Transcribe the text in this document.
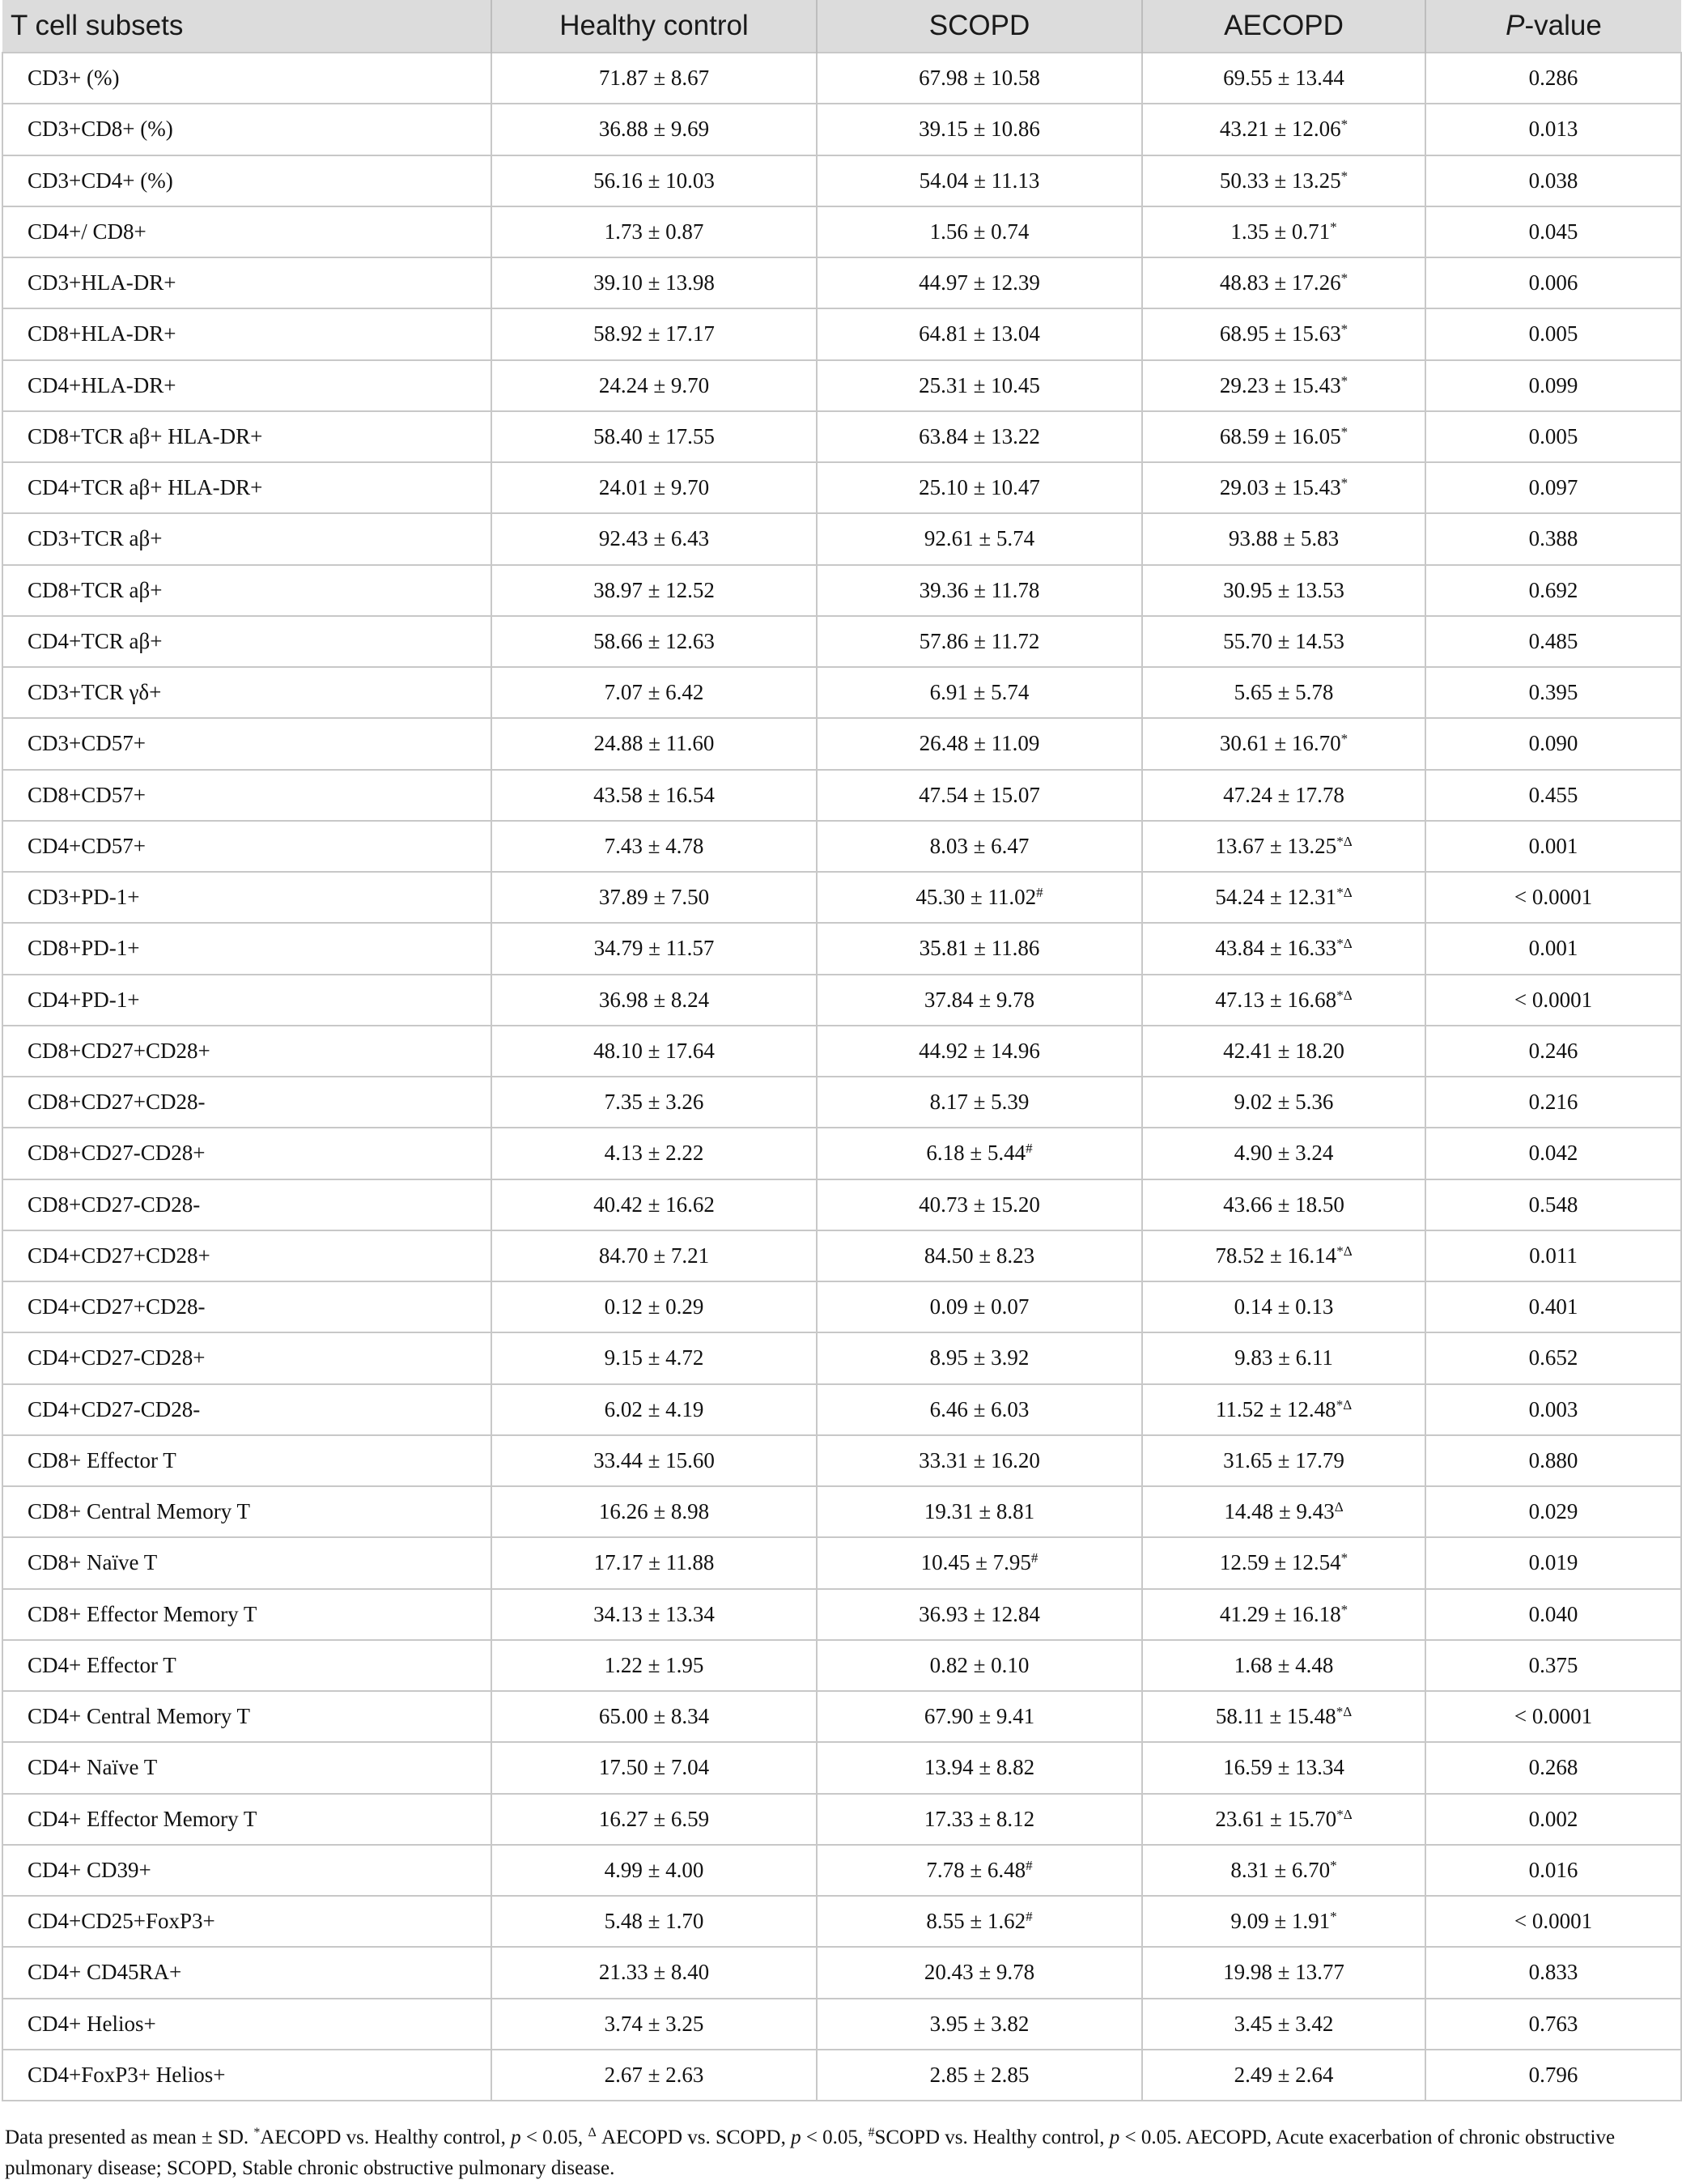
T cell subsets	Healthy control	SCOPD	AECOPD	P-value
CD3+ (%)	71.87 ± 8.67	67.98 ± 10.58	69.55 ± 13.44	0.286
CD3+CD8+ (%)	36.88 ± 9.69	39.15 ± 10.86	43.21 ± 12.06*	0.013
CD3+CD4+ (%)	56.16 ± 10.03	54.04 ± 11.13	50.33 ± 13.25*	0.038
CD4+/ CD8+	1.73 ± 0.87	1.56 ± 0.74	1.35 ± 0.71*	0.045
CD3+HLA-DR+	39.10 ± 13.98	44.97 ± 12.39	48.83 ± 17.26*	0.006
CD8+HLA-DR+	58.92 ± 17.17	64.81 ± 13.04	68.95 ± 15.63*	0.005
CD4+HLA-DR+	24.24 ± 9.70	25.31 ± 10.45	29.23 ± 15.43*	0.099
CD8+TCR aβ+ HLA-DR+	58.40 ± 17.55	63.84 ± 13.22	68.59 ± 16.05*	0.005
CD4+TCR aβ+ HLA-DR+	24.01 ± 9.70	25.10 ± 10.47	29.03 ± 15.43*	0.097
CD3+TCR aβ+	92.43 ± 6.43	92.61 ± 5.74	93.88 ± 5.83	0.388
CD8+TCR aβ+	38.97 ± 12.52	39.36 ± 11.78	30.95 ± 13.53	0.692
CD4+TCR aβ+	58.66 ± 12.63	57.86 ± 11.72	55.70 ± 14.53	0.485
CD3+TCR γδ+	7.07 ± 6.42	6.91 ± 5.74	5.65 ± 5.78	0.395
CD3+CD57+	24.88 ± 11.60	26.48 ± 11.09	30.61 ± 16.70*	0.090
CD8+CD57+	43.58 ± 16.54	47.54 ± 15.07	47.24 ± 17.78	0.455
CD4+CD57+	7.43 ± 4.78	8.03 ± 6.47	$13.67 \pm 13.25^{*\Delta}$	0.001
CD3+PD-1+	37.89 ± 7.50	45.30 ± 11.02#	$54.24 \pm 12.31^{*\Delta}$	< 0.0001
CD8+PD-1+	34.79 ± 11.57	35.81 ± 11.86	$43.84 \pm 16.33^{*\Delta}$	0.001
CD4+PD-1+	36.98 ± 8.24	37.84 ± 9.78	$47.13 \pm 16.68^{*\Delta}$	< 0.0001
CD8+CD27+CD28+	48.10 ± 17.64	44.92 ± 14.96	42.41 ± 18.20	0.246
CD8+CD27+CD28-	7.35 ± 3.26	8.17 ± 5.39	9.02 ± 5.36	0.216
CD8+CD27-CD28+	4.13 ± 2.22	6.18 ± 5.44#	4.90 ± 3.24	0.042
CD8+CD27-CD28-	40.42 ± 16.62	40.73 ± 15.20	43.66 ± 18.50	0.548
CD4+CD27+CD28+	84.70 ± 7.21	84.50 ± 8.23	$78.52 \pm 16.14^{*\Delta}$	0.011
CD4+CD27+CD28-	0.12 ± 0.29	0.09 ± 0.07	0.14 ± 0.13	0.401
CD4+CD27-CD28+	9.15 ± 4.72	8.95 ± 3.92	9.83 ± 6.11	0.652
CD4+CD27-CD28-	6.02 ± 4.19	6.46 ± 6.03	$11.52 \pm 12.48^{*\Delta}$	0.003
CD8+ Effector T	33.44 ± 15.60	33.31 ± 16.20	31.65 ± 17.79	0.880
CD8+ Central Memory T	16.26 ± 8.98	19.31 ± 8.81	$14.48 \pm 9.43^\Delta$	0.029
CD8+ Naïve T	17.17 ± 11.88	10.45 ± 7.95#	12.59 ± 12.54*	0.019
CD8+ Effector Memory T	34.13 ± 13.34	36.93 ± 12.84	41.29 ± 16.18*	0.040
CD4+ Effector T	1.22 ± 1.95	0.82 ± 0.10	1.68 ± 4.48	0.375
CD4+ Central Memory T	65.00 ± 8.34	67.90 ± 9.41	$58.11 \pm 15.48^{*\Delta}$	< 0.0001
CD4+ Naïve T	17.50 ± 7.04	13.94 ± 8.82	16.59 ± 13.34	0.268
CD4+ Effector Memory T	16.27 ± 6.59	17.33 ± 8.12	$23.61 \pm 15.70^{*\Delta}$	0.002
CD4+ CD39+	4.99 ± 4.00	7.78 ± 6.48#	8.31 ± 6.70*	0.016
CD4+CD25+FoxP3+	5.48 ± 1.70	8.55 ± 1.62#	9.09 ± 1.91*	< 0.0001
CD4+ CD45RA+	21.33 ± 8.40	20.43 ± 9.78	19.98 ± 13.77	0.833
CD4+ Helios+	3.74 ± 3.25	3.95 ± 3.82	3.45 ± 3.42	0.763
CD4+FoxP3+ Helios+	2.67 ± 2.63	2.85 ± 2.85	2.49 ± 2.64	0.796
Data presented as mean ± SD. *AECOPD vs. Healthy control, p < 0.05, $^\Delta$ AECOPD vs. SCOPD, p < 0.05, #SCOPD vs. Healthy control, p < 0.05. AECOPD, Acute exacerbation of chronic obstructive pulmonary disease; SCOPD, Stable chronic obstructive pulmonary disease.
